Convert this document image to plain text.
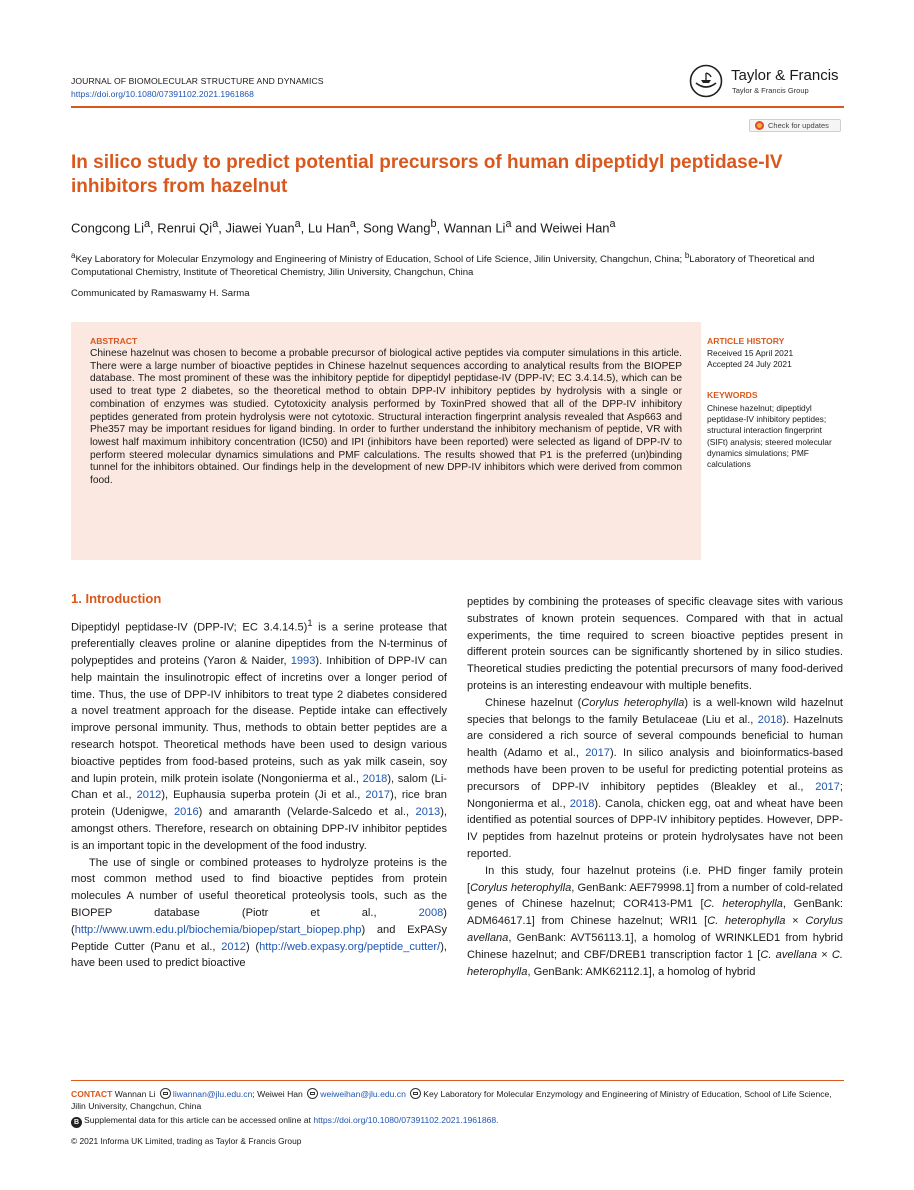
JOURNAL OF BIOMOLECULAR STRUCTURE AND DYNAMICS
https://doi.org/10.1080/07391102.2021.1961868
Taylor & Francis
Taylor & Francis Group
Check for updates
In silico study to predict potential precursors of human dipeptidyl peptidase-IV inhibitors from hazelnut
Congcong Li$^a$, Renrui Qi$^a$, Jiawei Yuan$^a$, Lu Han$^a$, Song Wang$^b$, Wannan Li$^a$ and Weiwei Han$^a$
$^a$Key Laboratory for Molecular Enzymology and Engineering of Ministry of Education, School of Life Science, Jilin University, Changchun, China; $^b$Laboratory of Theoretical and Computational Chemistry, Institute of Theoretical Chemistry, Jilin University, Changchun, China
Communicated by Ramaswamy H. Sarma
ABSTRACT
Chinese hazelnut was chosen to become a probable precursor of biological active peptides via computer simulations in this article. There were a large number of bioactive peptides in Chinese hazelnut sequences according to analytical results from the BIOPEP database. The most prominent of these was the inhibitory peptide for dipeptidyl peptidase-IV (DPP-IV; EC 3.4.14.5), which can be used to treat type 2 diabetes, so the theoretical method to obtain DPP-IV inhibitory peptides by hydrolysis with a single or combination of enzymes was studied. Cytotoxicity analysis performed by ToxinPred showed that all of the DPP-IV inhibitory peptides generated from protein hydrolysis were not cytotoxic. Structural interaction fingerprint analysis revealed that Asp663 and Phe357 may be important residues for ligand binding. In order to further understand the inhibitory mechanism of peptide, VR with lowest half maximum inhibitory concentration (IC50) and IPI (inhibitors have been reported) were selected as ligand of DPP-IV to perform steered molecular dynamics simulations and PMF calculations. The results showed that P1 is the preferred (un)binding tunnel for the inhibitors obtained. Our findings help in the development of new DPP-IV inhibitors which were derived from common food.
ARTICLE HISTORY
Received 15 April 2021
Accepted 24 July 2021
KEYWORDS
Chinese hazelnut; dipeptidyl peptidase-IV inhibitory peptides; structural interaction fingerprint (SIFt) analysis; steered molecular dynamics simulations; PMF calculations

1. Introduction

Dipeptidyl peptidase-IV (DPP-IV; EC 3.4.14.5)$^1$ is a serine protease that preferentially cleaves proline or alanine dipeptides from the N-terminus of polypeptides and proteins (Yaron & Naider, 1993). Inhibition of DPP-IV can help maintain the insulinotropic effect of incretins over a longer period of time. Thus, the use of DPP-IV inhibitors to treat type 2 diabetes considered a novel treatment approach for the disease. Peptide intake can effectively improve personal immunity. Thus, methods to obtain better peptides are a research hotspot. Theoretical methods have been used to design various bioactive peptides from food-based proteins, such as yak milk casein, soy and lupin protein, milk protein isolate (Nongonierma et al., 2018), salom (Li-Chan et al., 2012), Euphausia superba protein (Ji et al., 2017), rice bran protein (Udenigwe, 2016) and amaranth (Velarde-Salcedo et al., 2013), amongst others. Therefore, research on obtaining DPP-IV inhibitor peptides is an important topic in the development of the food industry.

The use of single or combined proteases to hydrolyze proteins is the most common method used to find bioactive peptides from protein molecules A number of useful theoretical proteolysis tools, such as the BIOPEP database (Piotr et al., 2008) (http://www.uwm.edu.pl/biochemia/biopep/start_biopep.php) and ExPASy Peptide Cutter (Panu et al., 2012) (http://web.expasy.org/peptide_cutter/), have been used to predict bioactive

peptides by combining the proteases of specific cleavage sites with various substrates of known protein sequences. Compared with that in actual experiments, the time required to screen bioactive peptides present in different protein sources can be significantly shortened by in silico studies. Theoretical studies predicting the potential precursors of many food-derived proteins is an interesting endeavour with multiple benefits.

Chinese hazelnut (Corylus heterophylla) is a well-known wild hazelnut species that belongs to the family Betulaceae (Liu et al., 2018). Hazelnuts are considered a rich source of several compounds beneficial to human health (Adamo et al., 2017). In silico analysis and bioinformatics-based methods have been proven to be useful for predicting potential proteins as precursors of DPP-IV inhibitory peptides (Bleakley et al., 2017; Nongonierma et al., 2018). Canola, chicken egg, oat and wheat have been identified as potential sources of DPP-IV inhibitory peptides. However, DPP-IV peptides from hazelnut proteins or protein hydrolysates have not been reported.

In this study, four hazelnut proteins (i.e. PHD finger family protein [Corylus heterophylla, GenBank: AEF79998.1] from a number of cold-related genes of Chinese hazelnut; COR413-PM1 [C. heterophylla, GenBank: ADM64617.1] from Chinese hazelnut; WRI1 [C. heterophylla × Corylus avellana, GenBank: AVT56113.1], a homolog of WRINKLED1 from hybrid Chinese hazelnut; and CBF/DREB1 transcription factor 1 [C. avellana × C. heterophylla, GenBank: AMK62112.1], a homolog of hybrid

CONTACT Wannan Li liwannan@jlu.edu.cn; Weiwei Han weiweihan@jlu.edu.cn Key Laboratory for Molecular Enzymology and Engineering of Ministry of Education, School of Life Science, Jilin University, Changchun, China
B Supplemental data for this article can be accessed online at https://doi.org/10.1080/07391102.2021.1961868.
© 2021 Informa UK Limited, trading as Taylor & Francis Group
